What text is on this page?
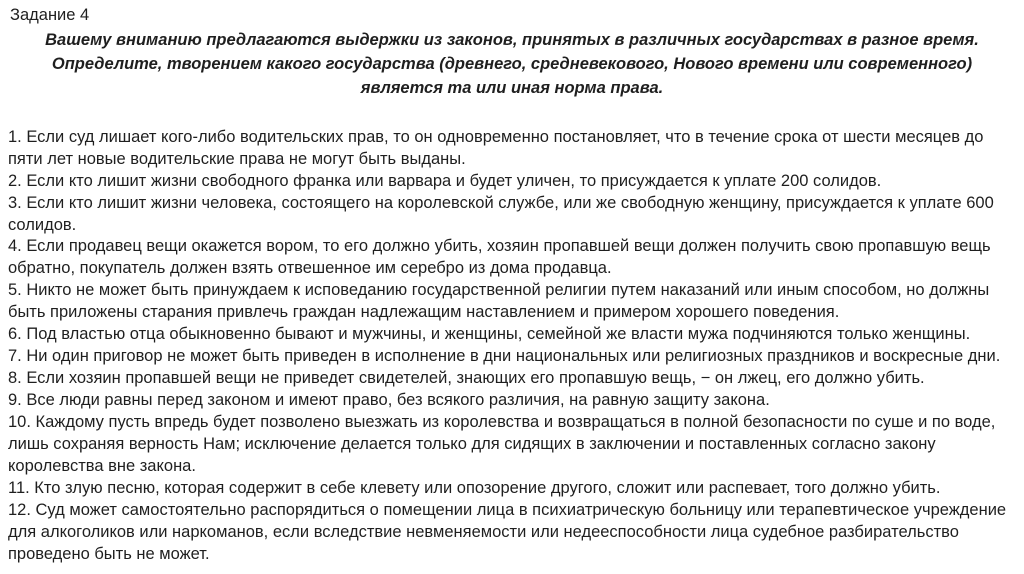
Задание 4
Вашему вниманию предлагаются выдержки из законов, принятых в различных государствах в разное время. Определите, творением какого государства (древнего, средневекового, Нового времени или современного) является та или иная норма права.
1. Если суд лишает кого-либо водительских прав, то он одновременно постановляет, что в течение срока от шести месяцев до пяти лет новые водительские права не могут быть выданы.
2. Если кто лишит жизни свободного франка или варвара и будет уличен, то присуждается к уплате 200 солидов.
3. Если кто лишит жизни человека, состоящего на королевской службе, или же свободную женщину, присуждается к уплате 600 солидов.
4. Если продавец вещи окажется вором, то его должно убить, хозяин пропавшей вещи должен получить свою пропавшую вещь обратно, покупатель должен взять отвешенное им серебро из дома продавца.
5. Никто не может быть принуждаем к исповеданию государственной религии путем наказаний или иным способом, но должны быть приложены старания привлечь граждан надлежащим наставлением и примером хорошего поведения.
6. Под властью отца обыкновенно бывают и мужчины, и женщины, семейной же власти мужа подчиняются только женщины.
7. Ни один приговор не может быть приведен в исполнение в дни национальных или религиозных праздников и воскресные дни.
8. Если хозяин пропавшей вещи не приведет свидетелей, знающих его пропавшую вещь, − он лжец, его должно убить.
9. Все люди равны перед законом и имеют право, без всякого различия, на равную защиту закона.
10. Каждому пусть впредь будет позволено выезжать из королевства и возвращаться в полной безопасности по суше и по воде, лишь сохраняя верность Нам; исключение делается только для сидящих в заключении и поставленных согласно закону королевства вне закона.
11. Кто злую песню, которая содержит в себе клевету или опозорение другого, сложит или распевает, того должно убить.
12. Суд может самостоятельно распорядиться о помещении лица в психиатрическую больницу или терапевтическое учреждение для алкоголиков или наркоманов, если вследствие невменяемости или недееспособности лица судебное разбирательство проведено быть не может.
